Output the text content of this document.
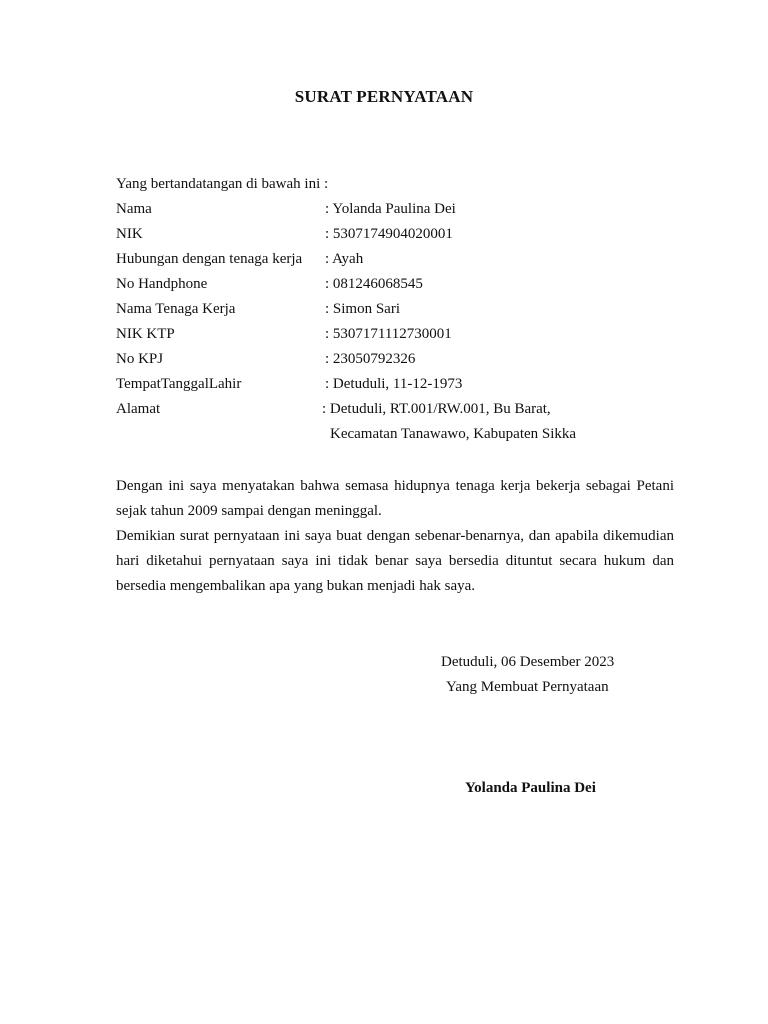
SURAT PERNYATAAN

Yang bertandatangan di bawah ini :

Nama	: Yolanda Paulina Dei
NIK	: 5307174904020001
Hubungan dengan tenaga kerja : Ayah
No Handphone	: 081246068545
Nama Tenaga Kerja	: Simon Sari
NIK KTP	: 5307171112730001
No KPJ	: 23050792326
TempatTanggalLahir	: Detuduli, 11-12-1973
Alamat	: Detuduli, RT.001/RW.001, Bu Barat,
Kecamatan Tanawawo, Kabupaten Sikka

Dengan ini saya menyatakan bahwa semasa hidupnya tenaga kerja bekerja sebagai Petani sejak tahun 2009 sampai dengan meninggal.

Demikian surat pernyataan ini saya buat dengan sebenar-benarnya, dan apabila dikemudian hari diketahui pernyataan saya ini tidak benar saya bersedia dituntut secara hukum dan bersedia mengembalikan apa yang bukan menjadi hak saya.

Detuduli, 06 Desember 2023
Yang Membuat Pernyataan
Yolanda Paulina Dei
